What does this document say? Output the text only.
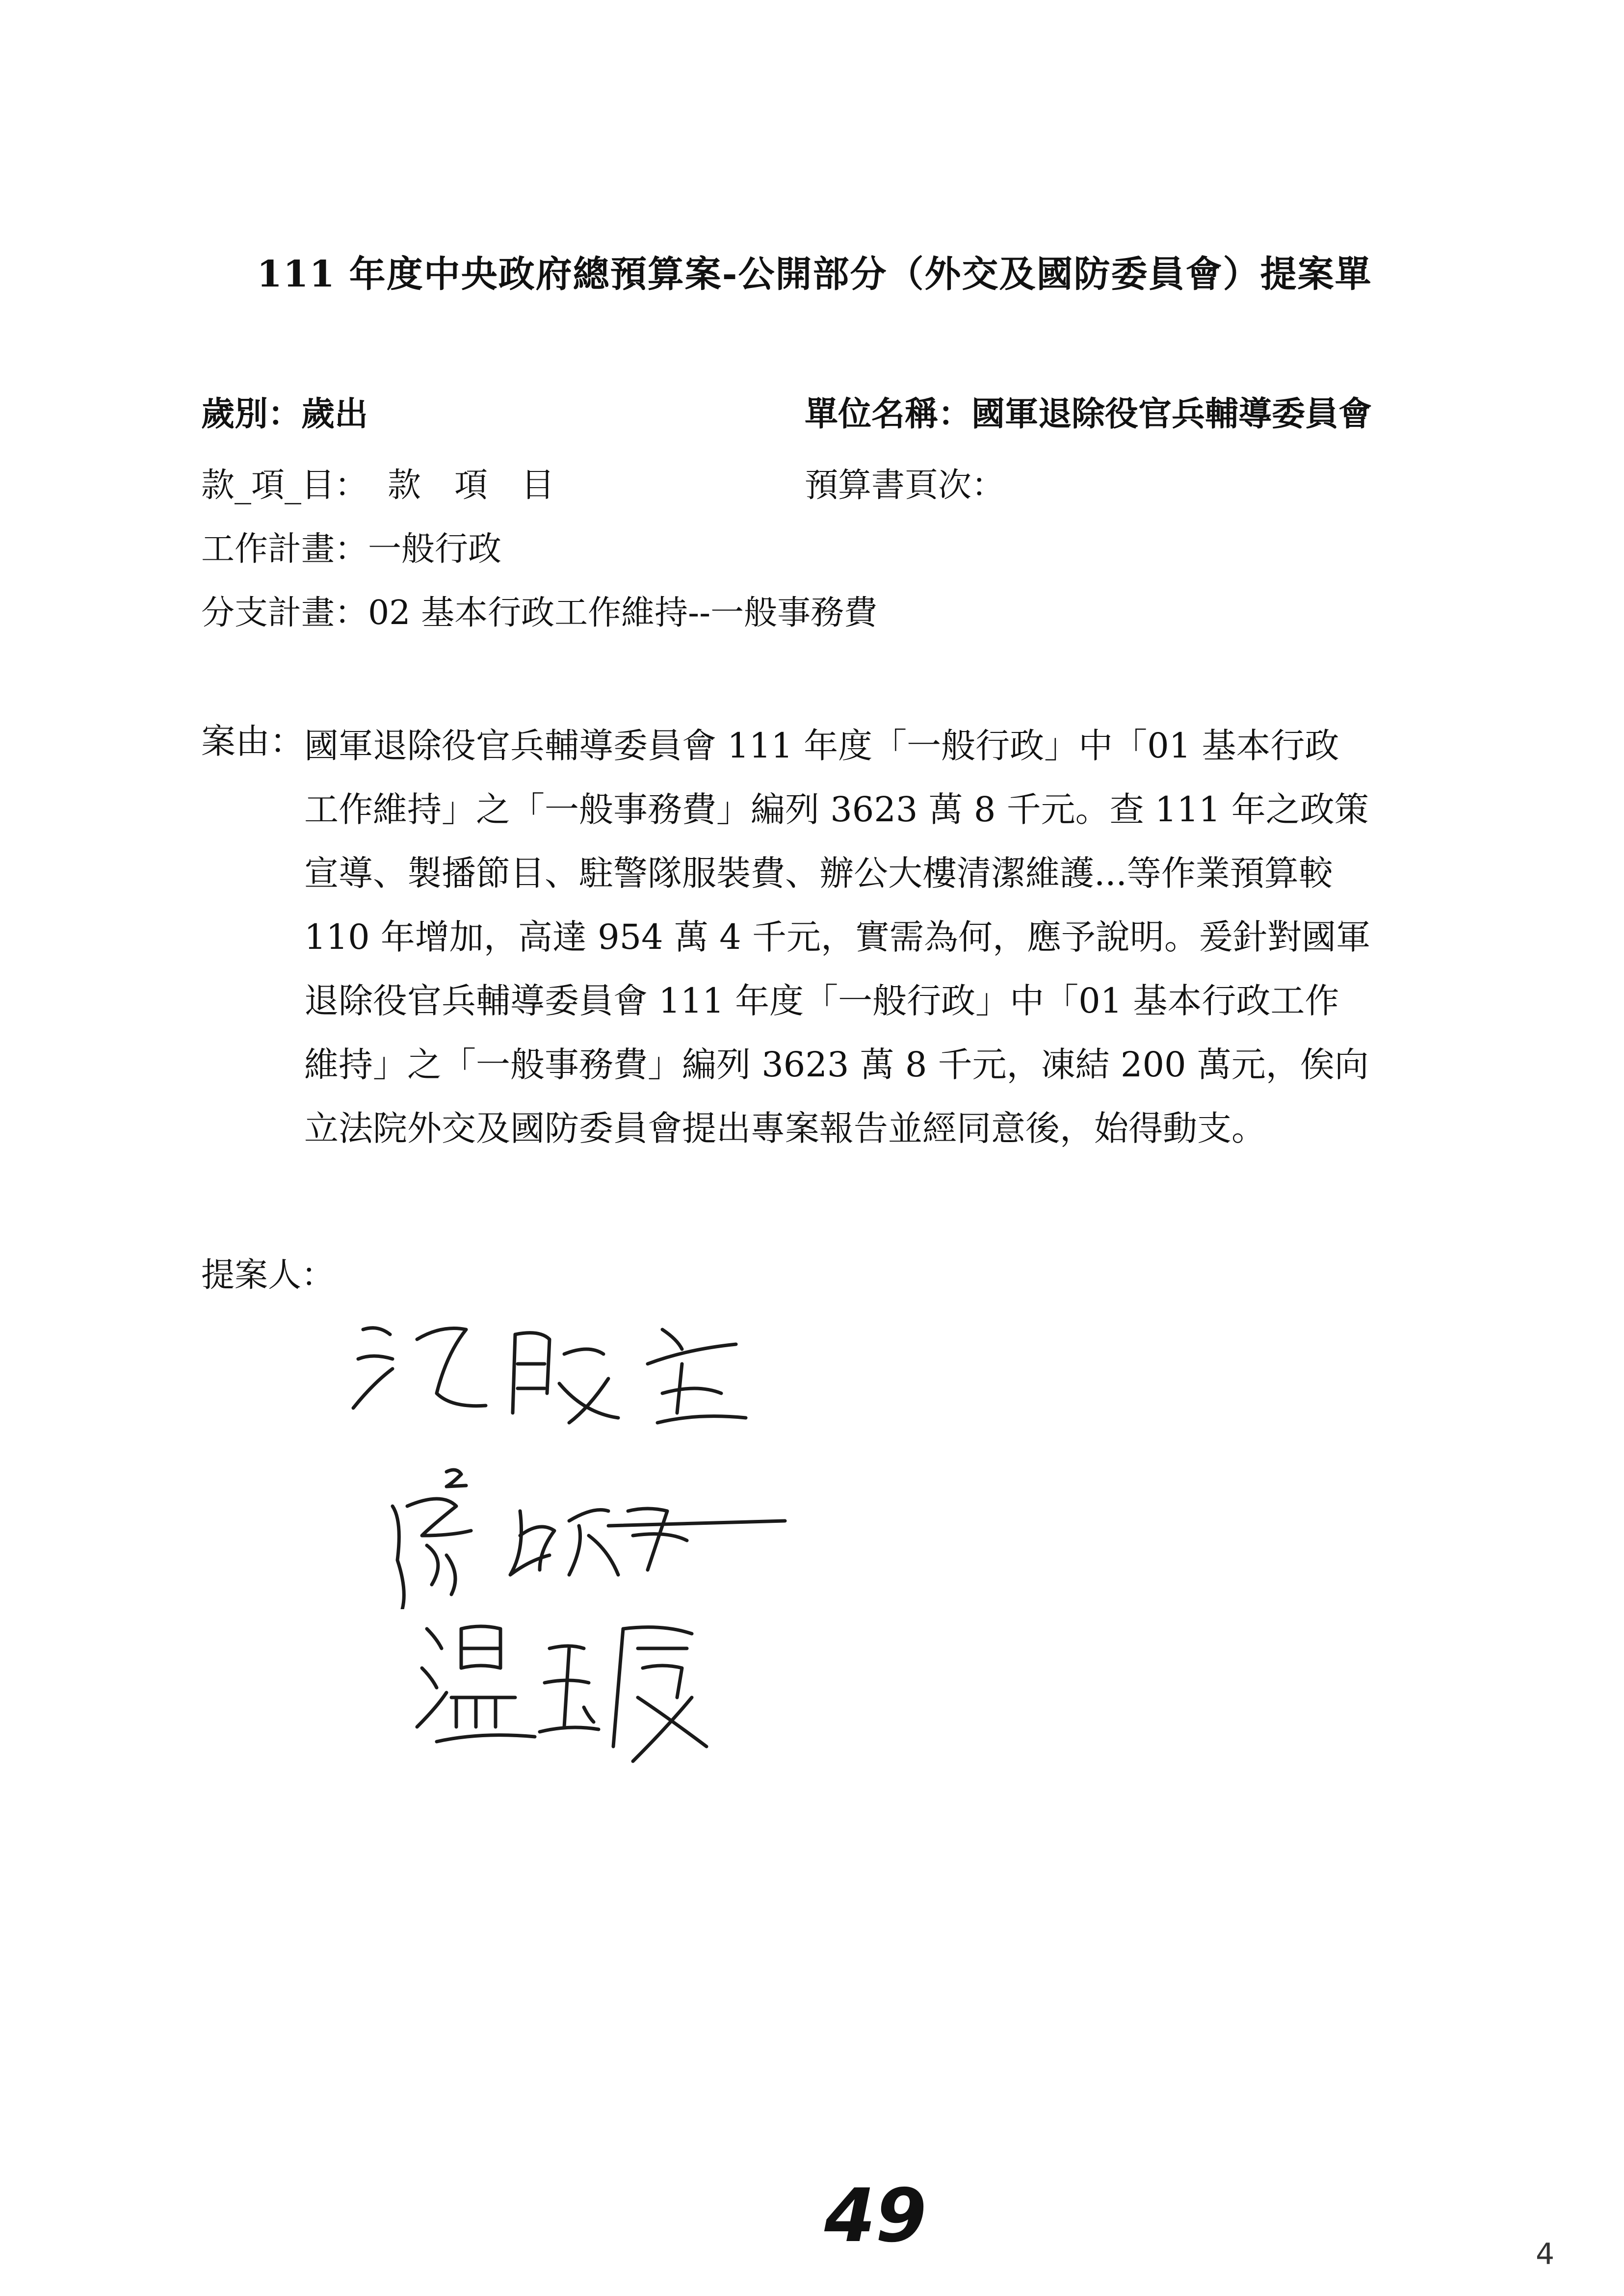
111 年度中央政府總預算案-公開部分（外交及國防委員會）提案單
歲別：歲出	單位名稱：國軍退除役官兵輔導委員會
款_項_目： 款　項　目	預算書頁次：
工作計畫：一般行政
分支計畫：02 基本行政工作維持--一般事務費
案由： 國軍退除役官兵輔導委員會 111 年度「一般行政」中「01 基本行政
工作維持」之「一般事務費」編列 3623 萬 8 千元。查 111 年之政策
宣導、製播節目、駐警隊服裝費、辦公大樓清潔維護...等作業預算較
110 年增加，高達 954 萬 4 千元，實需為何，應予說明。爰針對國軍
退除役官兵輔導委員會 111 年度「一般行政」中「01 基本行政工作
維持」之「一般事務費」編列 3623 萬 8 千元，凍結 200 萬元，俟向
立法院外交及國防委員會提出專案報告並經同意後，始得動支。
提案人：
49	4
